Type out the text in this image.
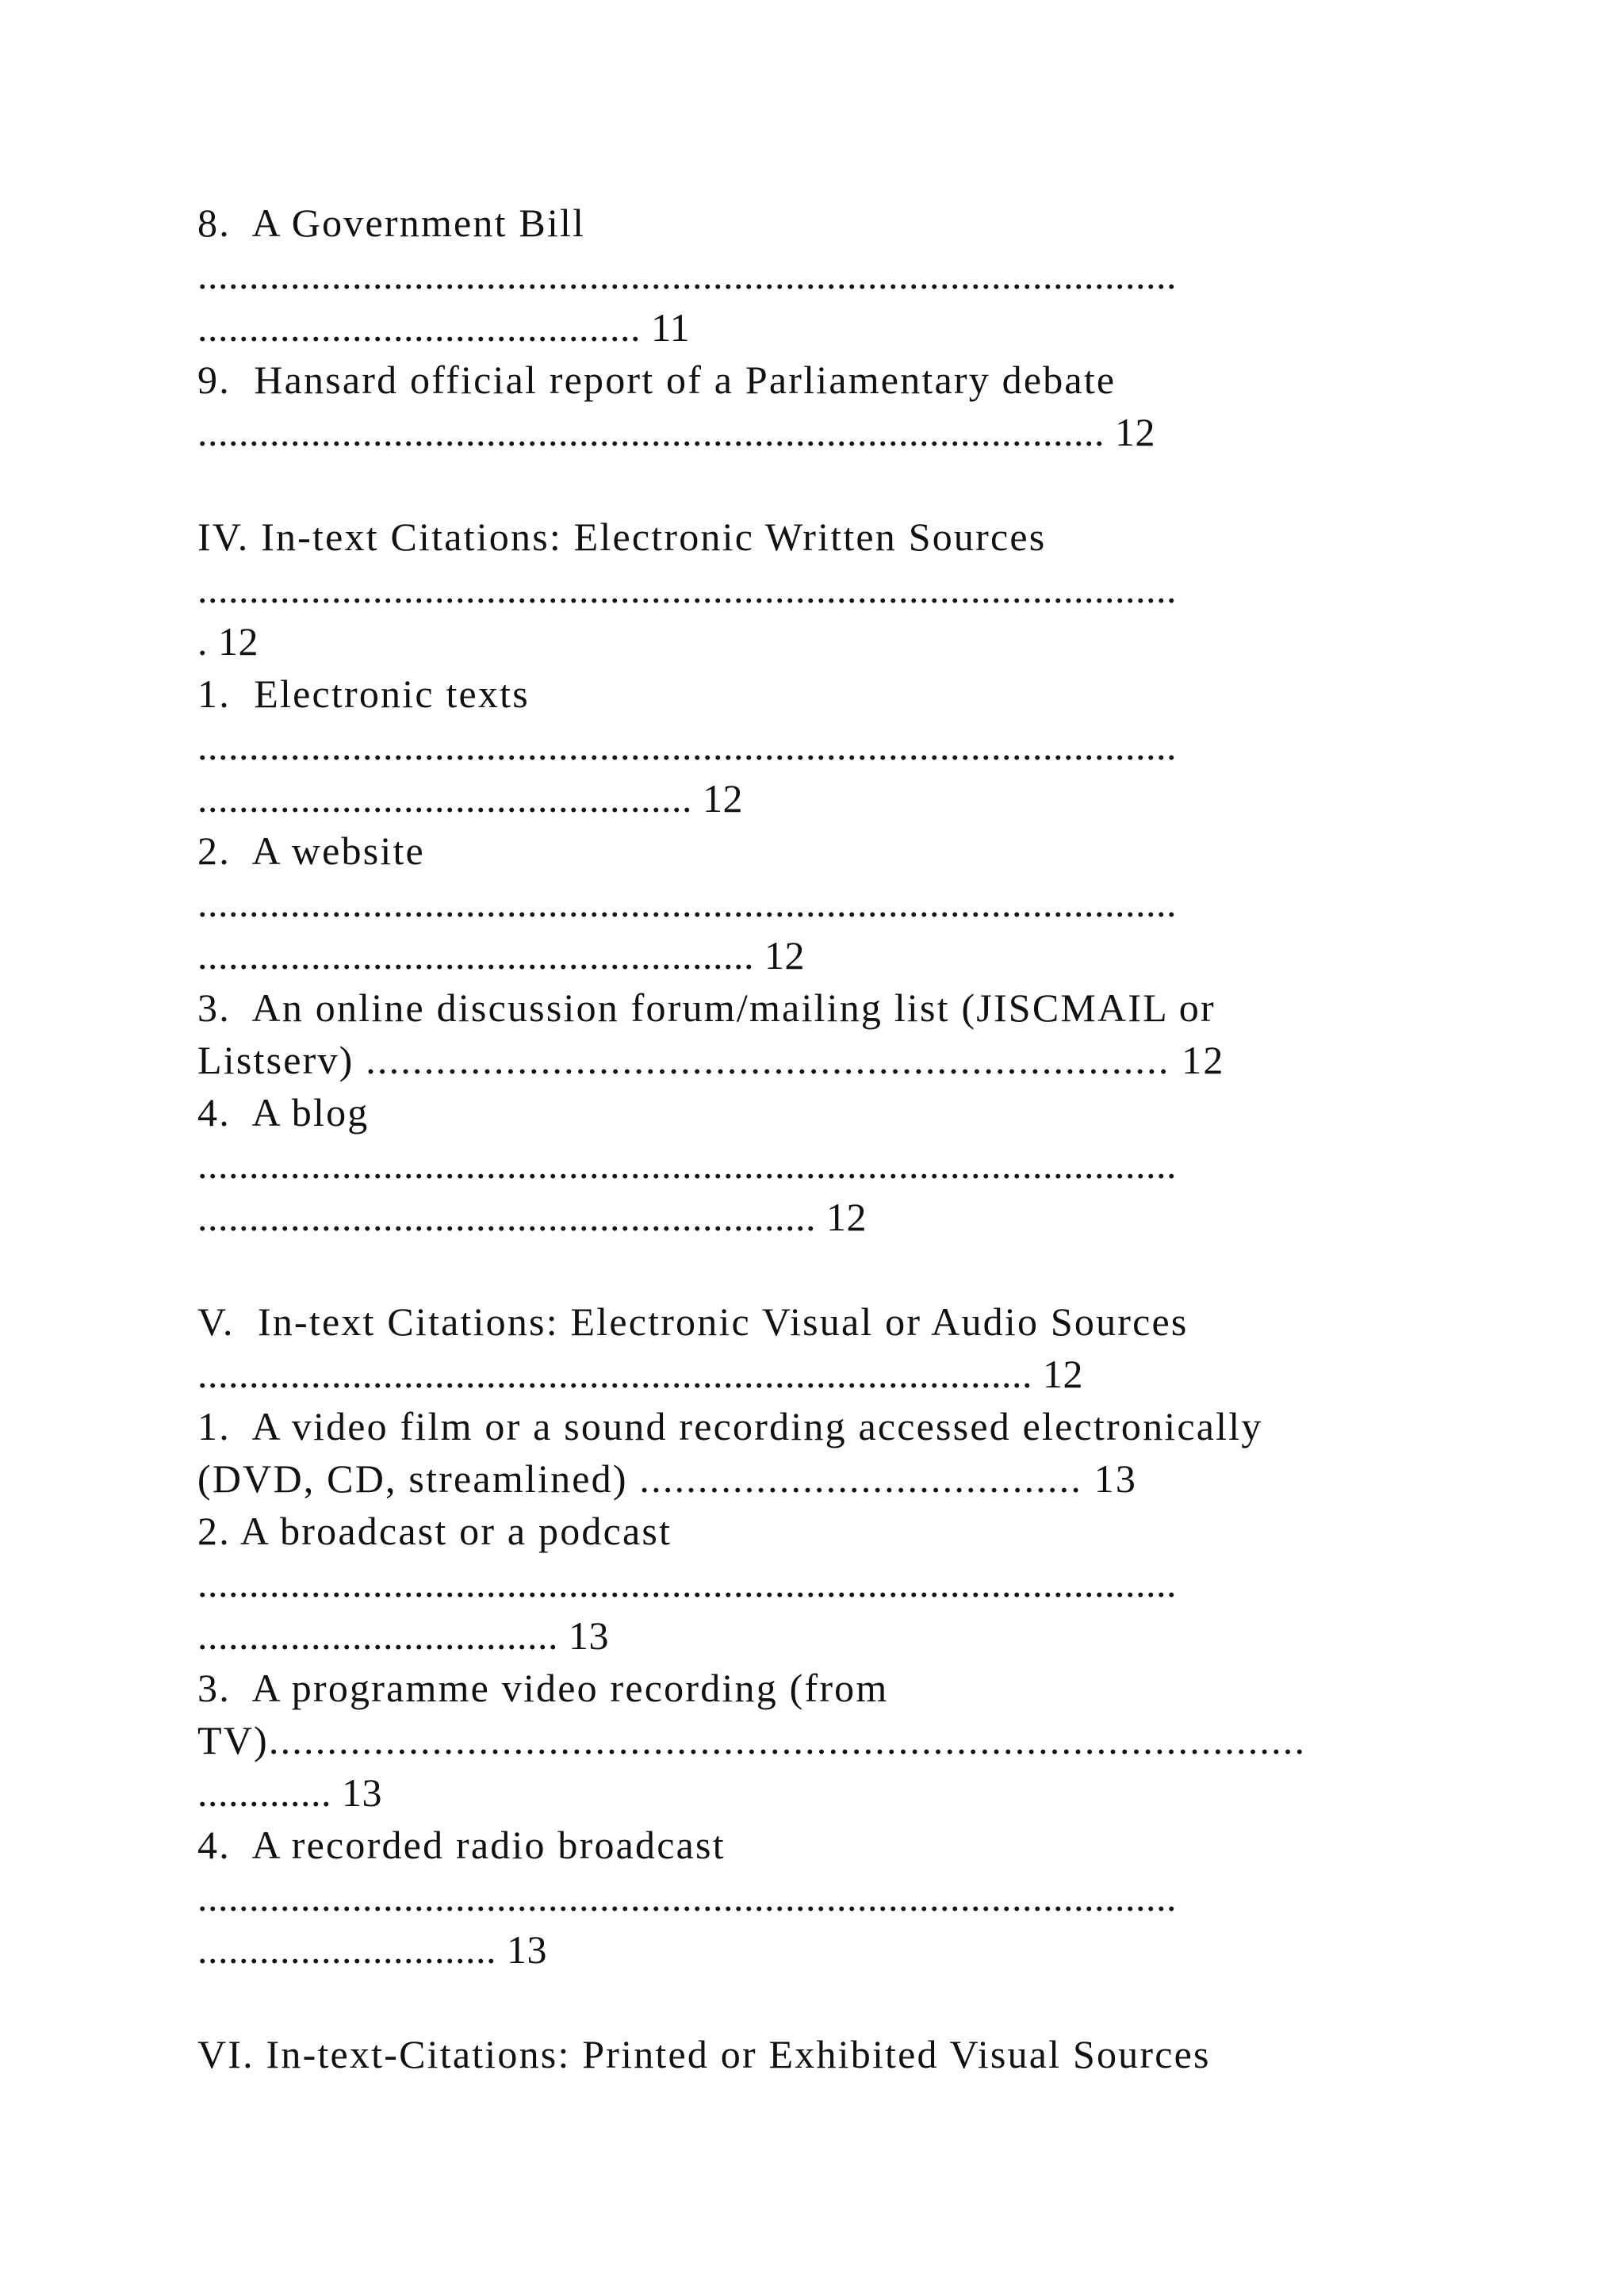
8.  A Government Bill
...............................................................................................
........................................... 11
9.  Hansard official report of a Parliamentary debate
........................................................................................ 12
IV. In-text Citations: Electronic Written Sources
...............................................................................................
. 12
1.  Electronic texts
...............................................................................................
................................................ 12
2.  A website
...............................................................................................
...................................................... 12
3.  An online discussion forum/mailing list (JISCMAIL or
Listserv) ..................................................................... 12
4.  A blog
...............................................................................................
............................................................ 12
V.  In-text Citations: Electronic Visual or Audio Sources
................................................................................. 12
1.  A video film or a sound recording accessed electronically
(DVD, CD, streamlined) ...................................... 13
2. A broadcast or a podcast
...............................................................................................
................................... 13
3.  A programme video recording (from
TV).........................................................................................
............. 13
4.  A recorded radio broadcast
...............................................................................................
............................. 13
VI. In-text-Citations: Printed or Exhibited Visual Sources
